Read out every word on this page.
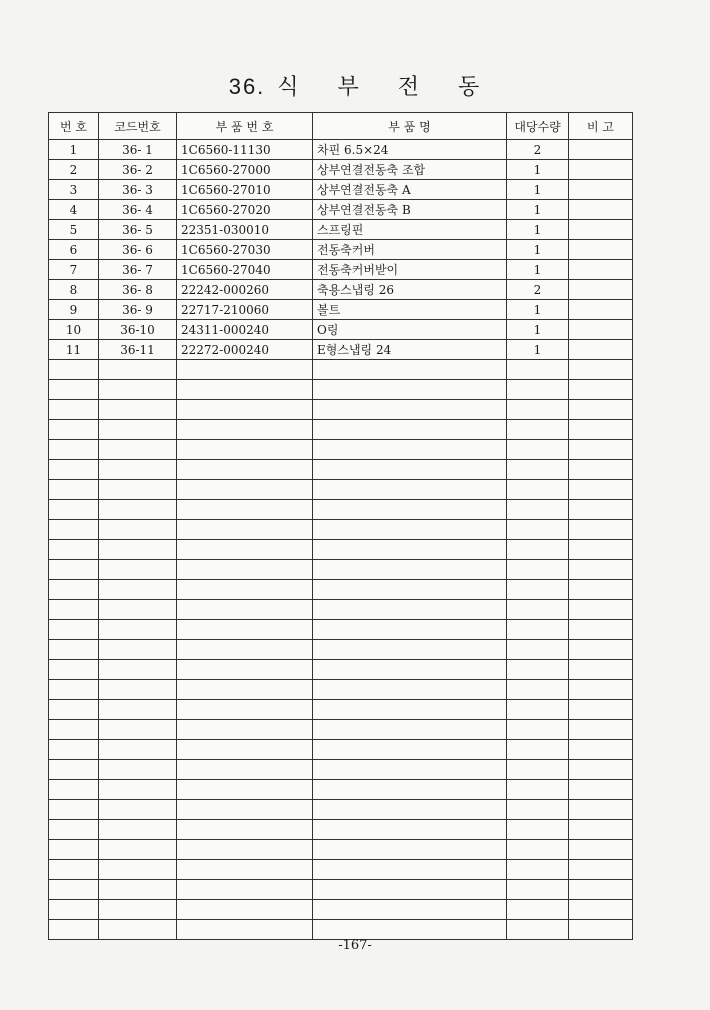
36. 식 부 전 동
번 호	코드번호	부 품 번 호	부 품 명	대당수량	비 고
1	36- 1	1C6560-11130	차핀 6.5×24	2	
2	36- 2	1C6560-27000	상부연결전동축 조합	1	
3	36- 3	1C6560-27010	상부연결전동축 A	1	
4	36- 4	1C6560-27020	상부연결전동축 B	1	
5	36- 5	22351-030010	스프링핀	1	
6	36- 6	1C6560-27030	전동축커버	1	
7	36- 7	1C6560-27040	전동축커버받이	1	
8	36- 8	22242-000260	축용스냅링 26	2	
9	36- 9	22717-210060	볼트	1	
10	36-10	24311-000240	O링	1	
11	36-11	22272-000240	E형스냅링 24	1	

-167-
